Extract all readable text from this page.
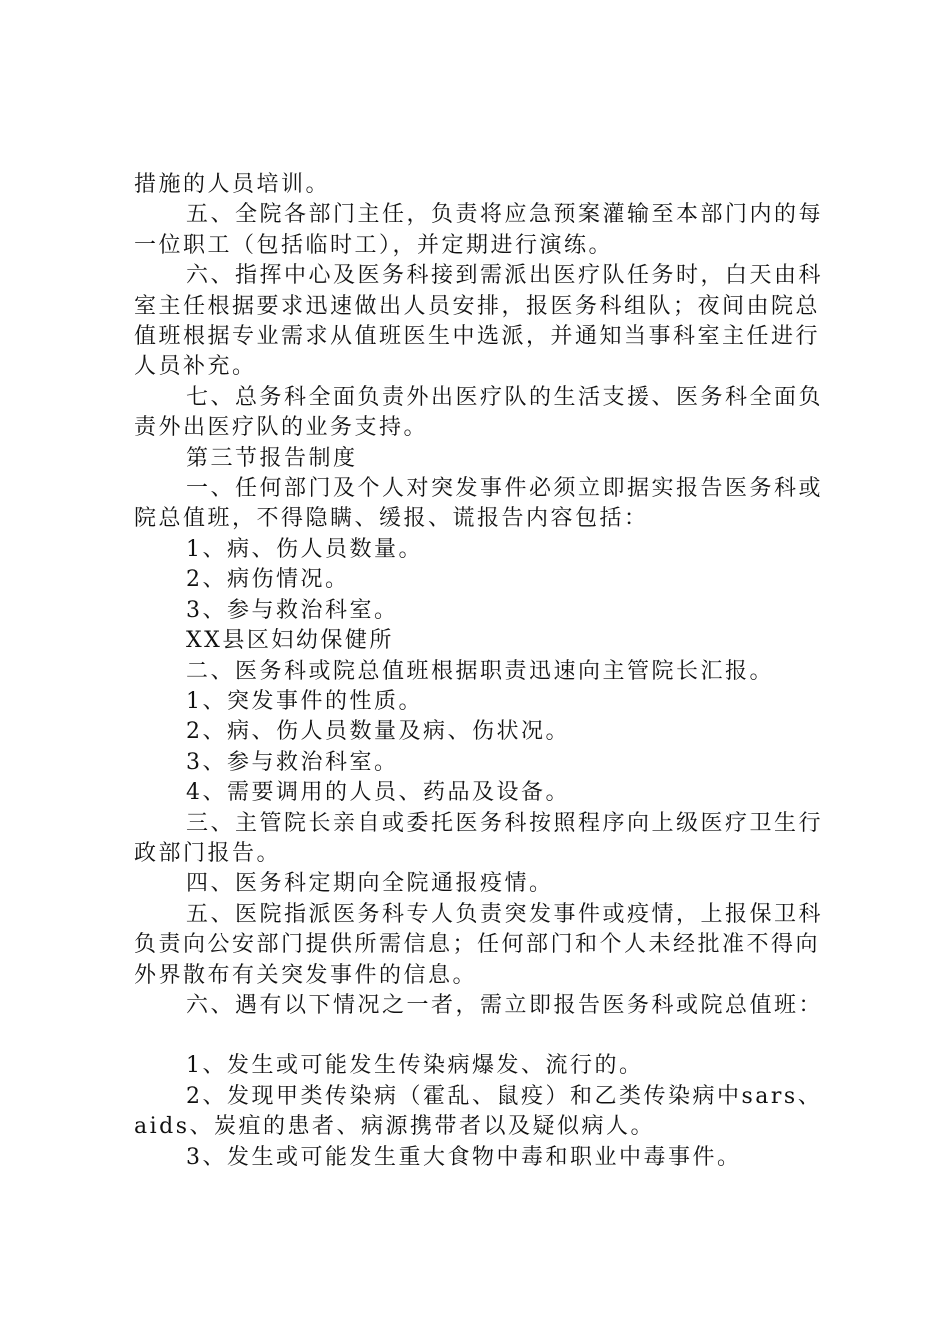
措施的人员培训。

五、全院各部门主任，负责将应急预案灌输至本部门内的每一位职工（包括临时工），并定期进行演练。

六、指挥中心及医务科接到需派出医疗队任务时，白天由科室主任根据要求迅速做出人员安排，报医务科组队；夜间由院总值班根据专业需求从值班医生中选派，并通知当事科室主任进行人员补充。

七、总务科全面负责外出医疗队的生活支援、医务科全面负责外出医疗队的业务支持。

第三节报告制度

一、任何部门及个人对突发事件必须立即据实报告医务科或院总值班，不得隐瞒、缓报、谎报告内容包括：

1、病、伤人员数量。

2、病伤情况。

3、参与救治科室。

XX县区妇幼保健所

二、医务科或院总值班根据职责迅速向主管院长汇报。

1、突发事件的性质。

2、病、伤人员数量及病、伤状况。

3、参与救治科室。

4、需要调用的人员、药品及设备。

三、主管院长亲自或委托医务科按照程序向上级医疗卫生行政部门报告。

四、医务科定期向全院通报疫情。

五、医院指派医务科专人负责突发事件或疫情，上报保卫科负责向公安部门提供所需信息；任何部门和个人未经批准不得向外界散布有关突发事件的信息。

六、遇有以下情况之一者，需立即报告医务科或院总值班：

1、发生或可能发生传染病爆发、流行的。

2、发现甲类传染病（霍乱、鼠疫）和乙类传染病中sars、aids、炭疽的患者、病源携带者以及疑似病人。

3、发生或可能发生重大食物中毒和职业中毒事件。
